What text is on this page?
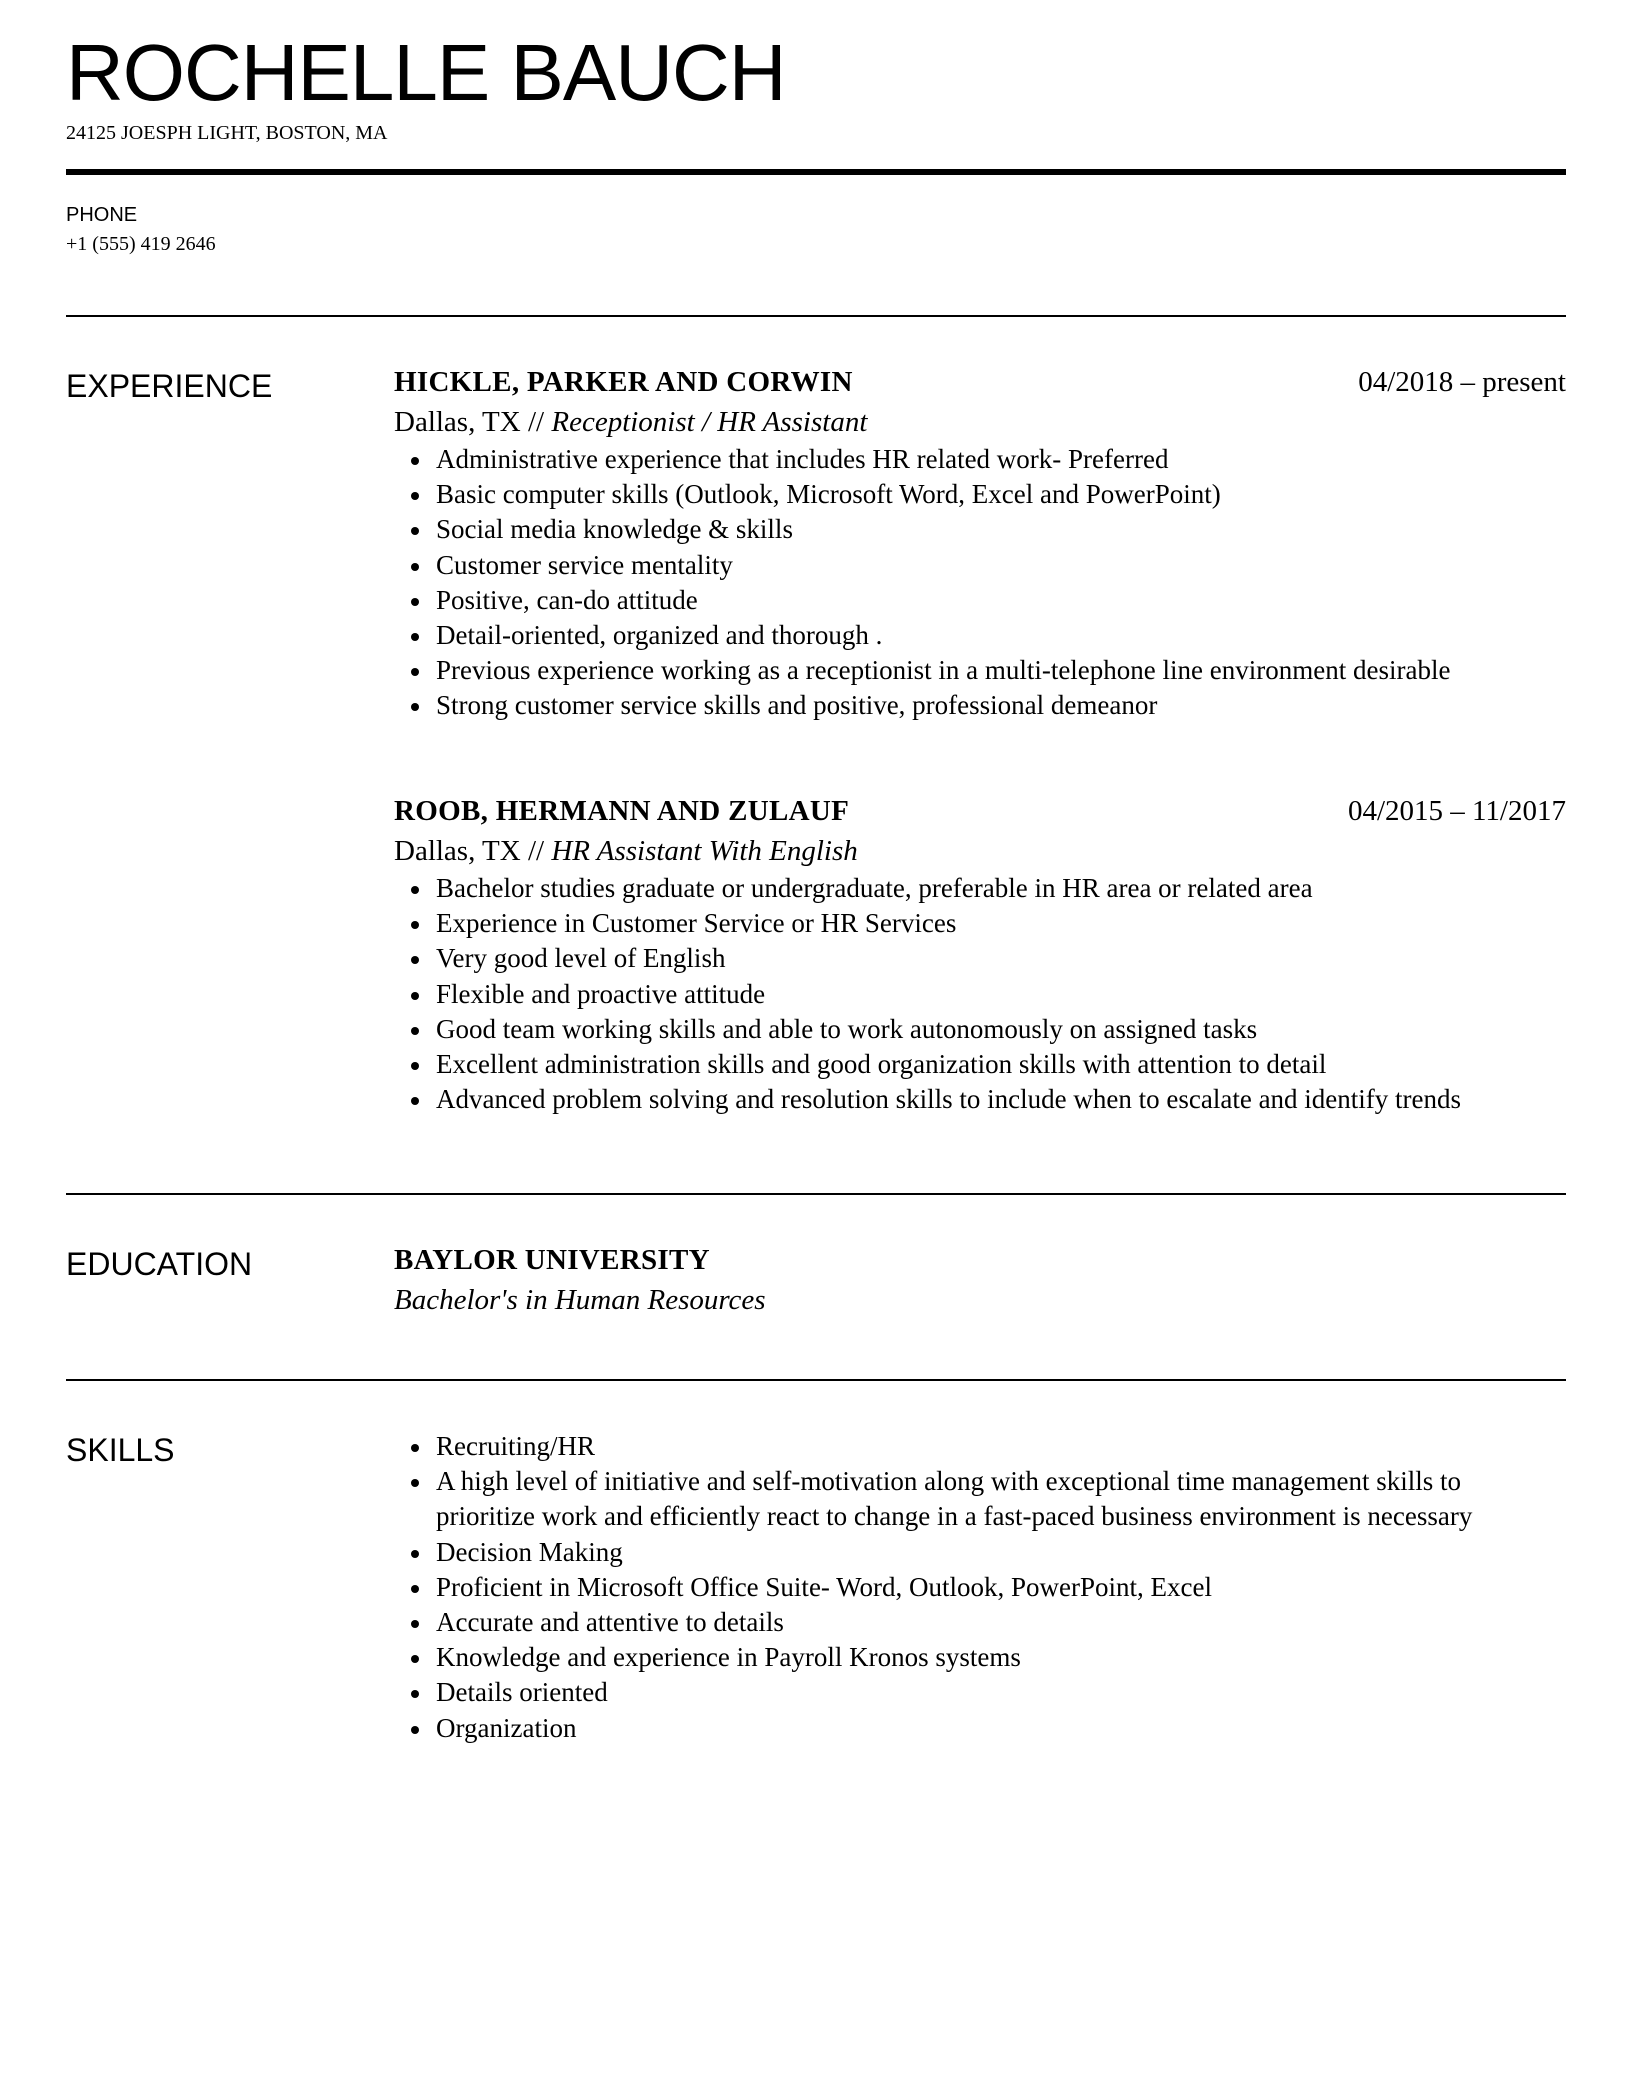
ROCHELLE BAUCH
24125 JOESPH LIGHT, BOSTON, MA
PHONE
+1 (555) 419 2646
EXPERIENCE	HICKLE, PARKER AND CORWIN	04/2018 – present
Dallas, TX // Receptionist / HR Assistant
Administrative experience that includes HR related work- Preferred
Basic computer skills (Outlook, Microsoft Word, Excel and PowerPoint)
Social media knowledge & skills
Customer service mentality
Positive, can-do attitude
Detail-oriented, organized and thorough .
Previous experience working as a receptionist in a multi-telephone line environment desirable
Strong customer service skills and positive, professional demeanor
ROOB, HERMANN AND ZULAUF	04/2015 – 11/2017
Dallas, TX // HR Assistant With English
Bachelor studies graduate or undergraduate, preferable in HR area or related area
Experience in Customer Service or HR Services
Very good level of English
Flexible and proactive attitude
Good team working skills and able to work autonomously on assigned tasks
Excellent administration skills and good organization skills with attention to detail
Advanced problem solving and resolution skills to include when to escalate and identify trends
EDUCATION	BAYLOR UNIVERSITY
Bachelor's in Human Resources
SKILLS	Recruiting/HR
A high level of initiative and self-motivation along with exceptional time management skills to prioritize work and efficiently react to change in a fast-paced business environment is necessary
Decision Making
Proficient in Microsoft Office Suite- Word, Outlook, PowerPoint, Excel
Accurate and attentive to details
Knowledge and experience in Payroll Kronos systems
Details oriented
Organization
